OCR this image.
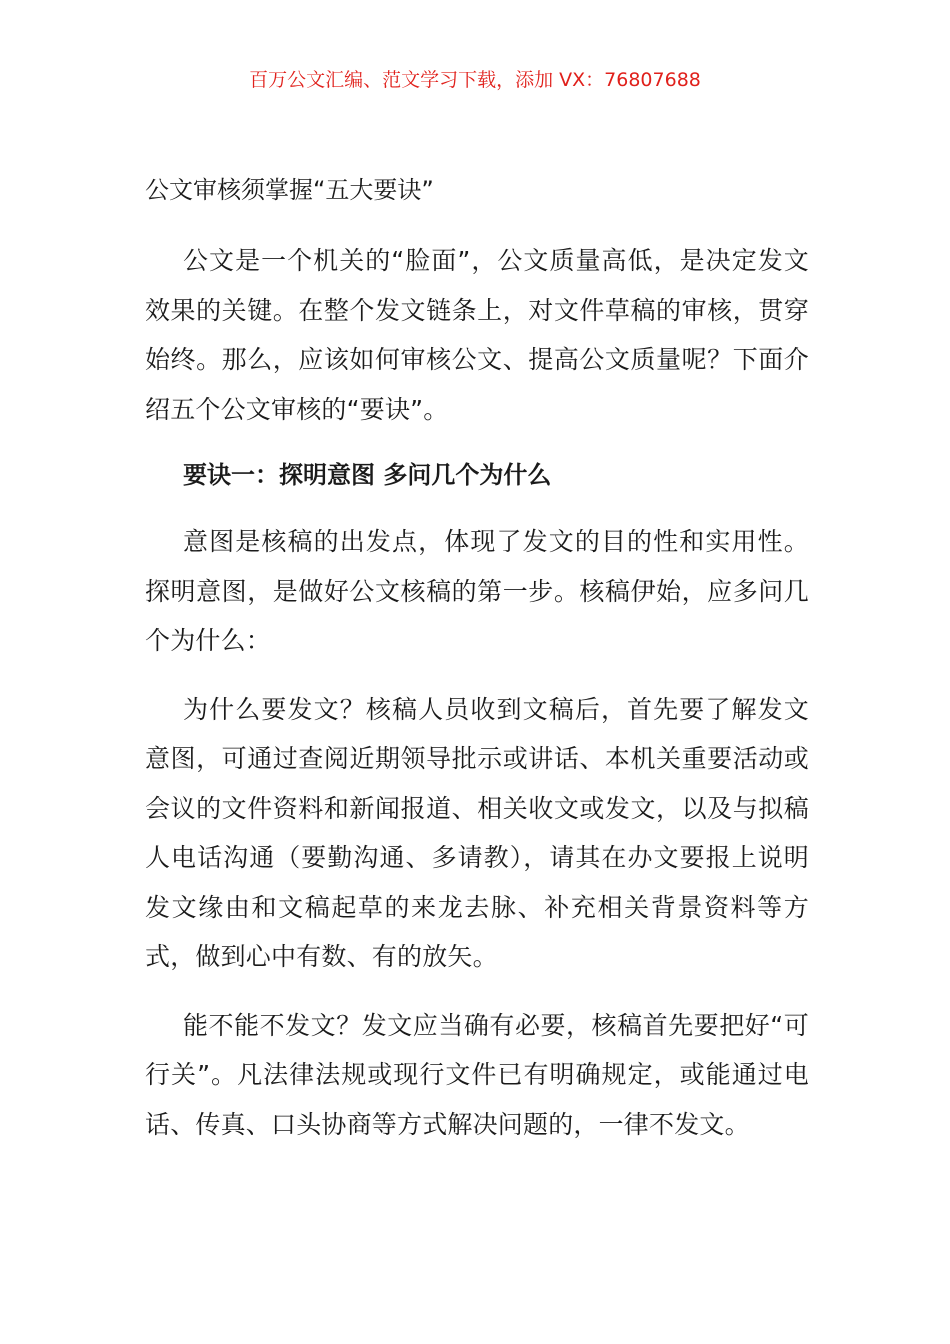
百万公文汇编、范文学习下载，添加 VX：76807688
公文审核须掌握“五大要诀”

公文是一个机关的“脸面”，公文质量高低，是决定发文效果的关键。在整个发文链条上，对文件草稿的审核，贯穿始终。那么，应该如何审核公文、提高公文质量呢？下面介绍五个公文审核的“要诀”。

要诀一：探明意图 多问几个为什么

意图是核稿的出发点，体现了发文的目的性和实用性。探明意图，是做好公文核稿的第一步。核稿伊始，应多问几个为什么：

为什么要发文？核稿人员收到文稿后，首先要了解发文意图，可通过查阅近期领导批示或讲话、本机关重要活动或会议的文件资料和新闻报道、相关收文或发文，以及与拟稿人电话沟通（要勤沟通、多请教），请其在办文要报上说明发文缘由和文稿起草的来龙去脉、补充相关背景资料等方式，做到心中有数、有的放矢。

能不能不发文？发文应当确有必要，核稿首先要把好“可行关”。凡法律法规或现行文件已有明确规定，或能通过电话、传真、口头协商等方式解决问题的，一律不发文。
